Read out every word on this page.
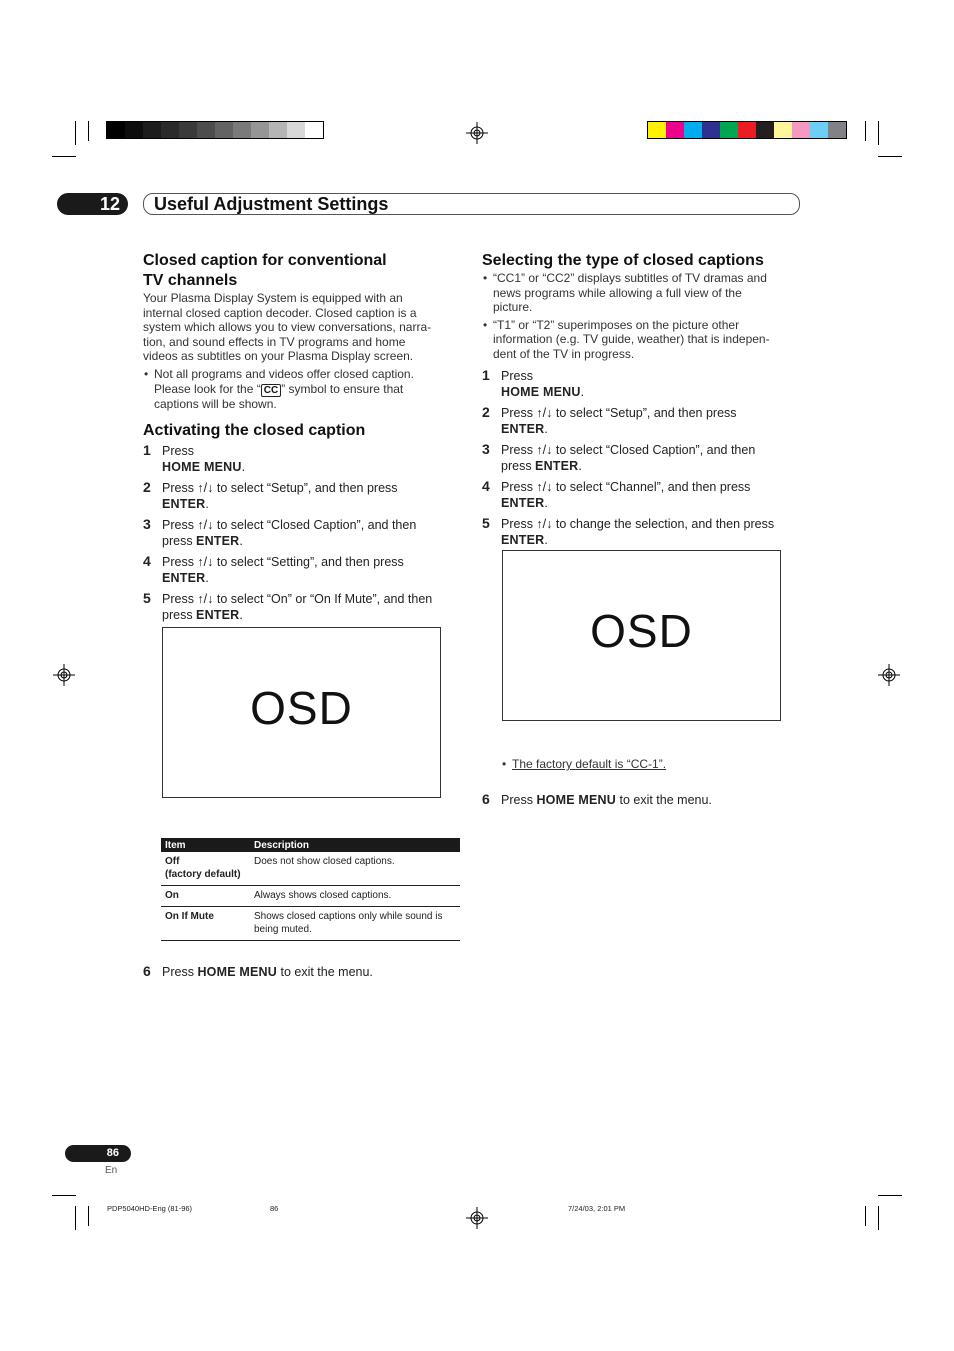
12 Useful Adjustment Settings
Closed caption for conventional
TV channels

Your Plasma Display System is equipped with an
internal closed caption decoder. Closed caption is a
system which allows you to view conversations, narra-
tion, and sound effects in TV programs and home
videos as subtitles on your Plasma Display screen.

• Not all programs and videos offer closed caption.
Please look for the “ CC ” symbol to ensure that
captions will be shown.

Activating the closed caption

1 Press
HOME MENU.

2 Press ↑/↓ to select “Setup”, and then press
ENTER.

3 Press ↑/↓ to select “Closed Caption”, and then
press ENTER.

4 Press ↑/↓ to select “Setting”, and then press
ENTER.

5 Press ↑/↓ to select “On” or “On If Mute”, and then
press ENTER.

OSD
Item	Description
Off
(factory default)	Does not show closed captions.
On	Always shows closed captions.
On If Mute	Shows closed captions only while sound is
being muted.

6 Press HOME MENU to exit the menu.

Selecting the type of closed captions

• “CC1” or “CC2” displays subtitles of TV dramas and
news programs while allowing a full view of the
picture.

• “T1” or “T2” superimposes on the picture other
information (e.g. TV guide, weather) that is indepen-
dent of the TV in progress.

1 Press
HOME MENU.

2 Press ↑/↓ to select “Setup”, and then press
ENTER.

3 Press ↑/↓ to select “Closed Caption”, and then
press ENTER.

4 Press ↑/↓ to select “Channel”, and then press
ENTER.

5 Press ↑/↓ to change the selection, and then press
ENTER.

OSD

• The factory default is “CC-1”.

6 Press HOME MENU to exit the menu.

86
En
PDP5040HD-Eng (81-96)	86	7/24/03, 2:01 PM
